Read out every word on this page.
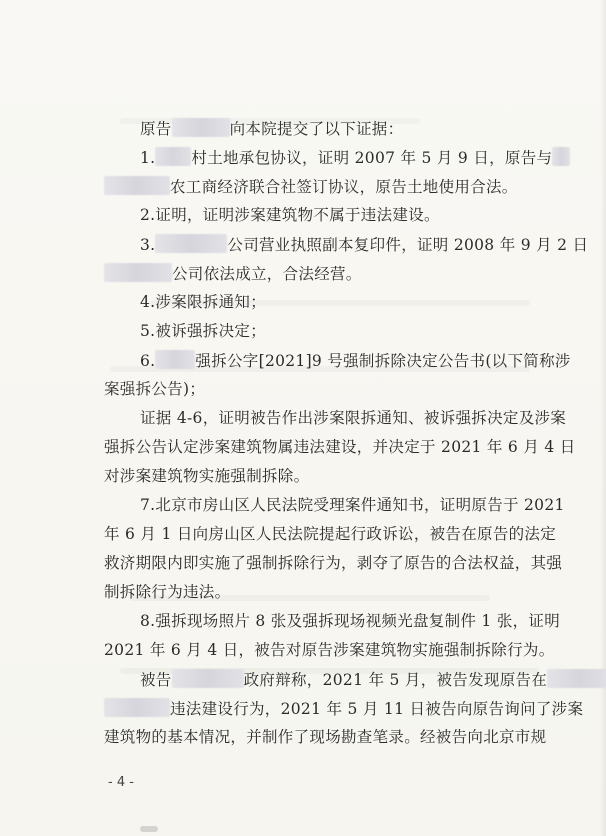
原告	向本院提交了以下证据：
1. 村土地承包协议，证明 2007 年 5 月 9 日，原告与
农工商经济联合社签订协议，原告土地使用合法。
2.证明，证明涉案建筑物不属于违法建设。
3.	公司营业执照副本复印件，证明 2008 年 9 月 2 日
公司依法成立，合法经营。
4.涉案限拆通知；
5.被诉强拆决定；
6.	强拆公字[2021]9 号强制拆除决定公告书(以下简称涉
案强拆公告)；
证据 4-6，证明被告作出涉案限拆通知、被诉强拆决定及涉案
强拆公告认定涉案建筑物属违法建设，并决定于 2021 年 6 月 4 日
对涉案建筑物实施强制拆除。
7.北京市房山区人民法院受理案件通知书，证明原告于 2021
年 6 月 1 日向房山区人民法院提起行政诉讼，被告在原告的法定
救济期限内即实施了强制拆除行为，剥夺了原告的合法权益，其强
制拆除行为违法。
8.强拆现场照片 8 张及强拆现场视频光盘复制件 1 张，证明
2021 年 6 月 4 日，被告对原告涉案建筑物实施强制拆除行为。
被告	政府辩称，2021 年 5 月，被告发现原告在
违法建设行为，2021 年 5 月 11 日被告向原告询问了涉案
建筑物的基本情况，并制作了现场勘查笔录。经被告向北京市规
- 4 -
